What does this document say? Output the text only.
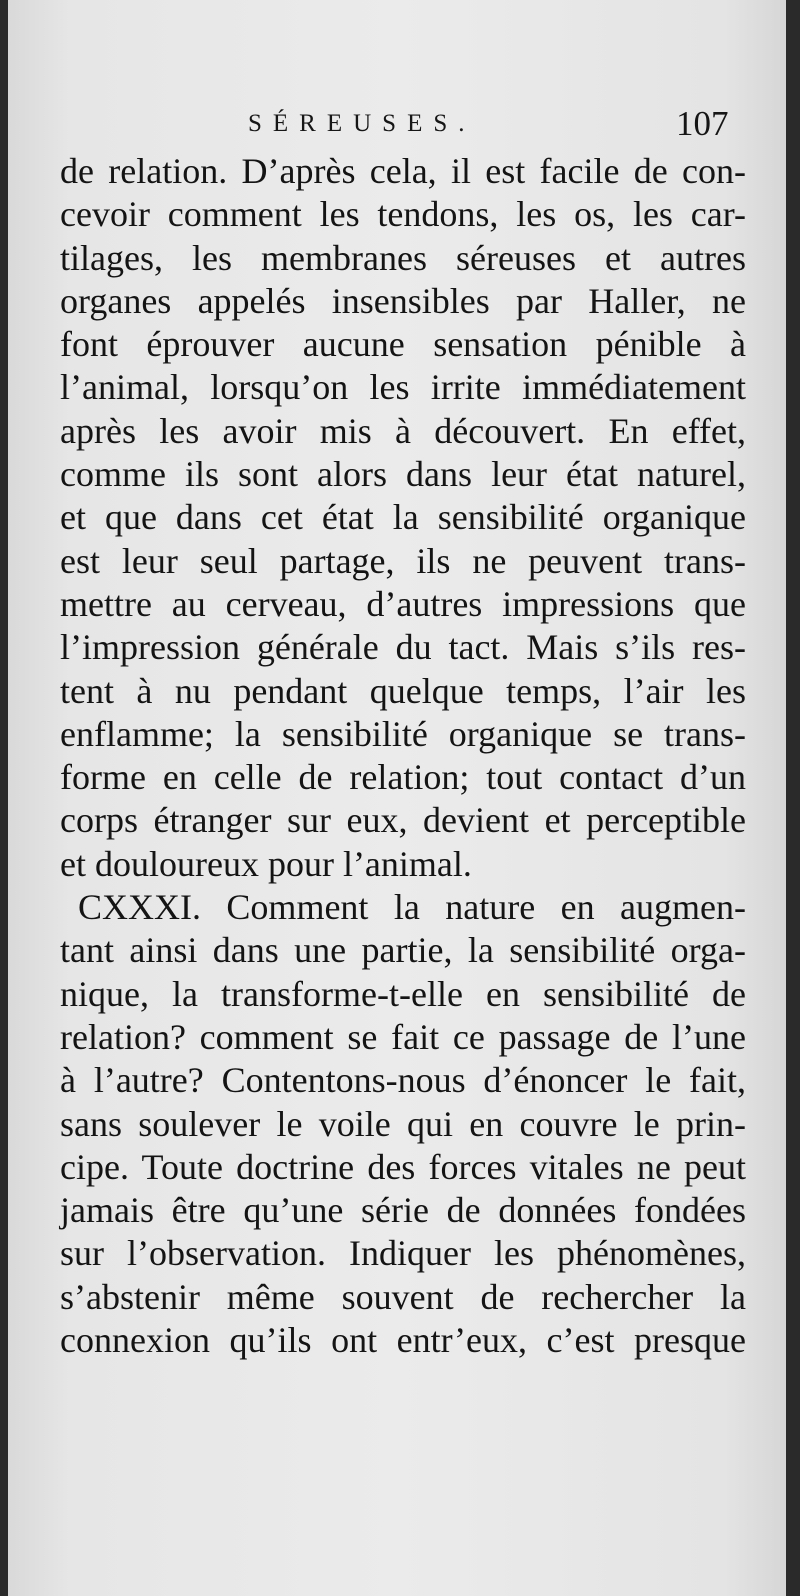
SÉREUSES.	107
de relation. D’après cela, il est facile de con-
cevoir comment les tendons, les os, les car-
tilages, les membranes séreuses et autres
organes appelés insensibles par Haller, ne
font éprouver aucune sensation pénible à
l’animal, lorsqu’on les irrite immédiatement
après les avoir mis à découvert. En effet,
comme ils sont alors dans leur état naturel,
et que dans cet état la sensibilité organique
est leur seul partage, ils ne peuvent trans-
mettre au cerveau, d’autres impressions que
l’impression générale du tact. Mais s’ils res-
tent à nu pendant quelque temps, l’air les
enflamme; la sensibilité organique se trans-
forme en celle de relation; tout contact d’un
corps étranger sur eux, devient et perceptible
et douloureux pour l’animal.
CXXXI. Comment la nature en augmen-
tant ainsi dans une partie, la sensibilité orga-
nique, la transforme-t-elle en sensibilité de
relation? comment se fait ce passage de l’une
à l’autre? Contentons-nous d’énoncer le fait,
sans soulever le voile qui en couvre le prin-
cipe. Toute doctrine des forces vitales ne peut
jamais être qu’une série de données fondées
sur l’observation. Indiquer les phénomènes,
s’abstenir même souvent de rechercher la
connexion qu’ils ont entr’eux, c’est presque
